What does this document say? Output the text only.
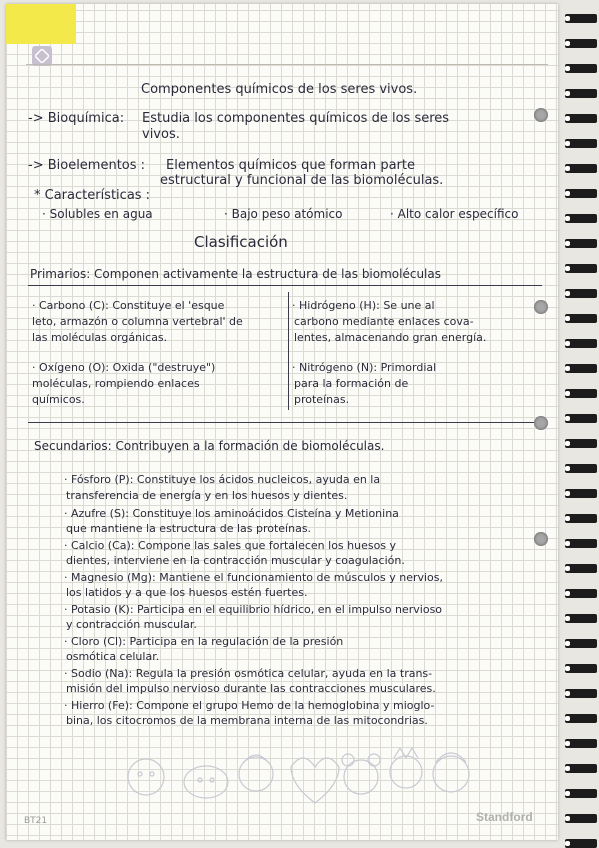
Componentes químicos de los seres vivos.
-> Bioquímica: Estudia los componentes químicos de los seres
vivos.
-> Bioelementos : Elementos químicos que forman parte
estructural y funcional de las biomoléculas.
* Características :
· Solubles en agua	· Bajo peso atómico	· Alto calor específico
Clasificación
Primarios: Componen activamente la estructura de las biomoléculas
· Carbono (C): Constituye el 'esque
leto, armazón o columna vertebral' de
las moléculas orgánicas.
· Hidrógeno (H): Se une al
carbono mediante enlaces cova-
lentes, almacenando gran energía.
· Oxígeno (O): Oxida ("destruye")
moléculas, rompiendo enlaces
químicos.
· Nitrógeno (N): Primordial
para la formación de
proteínas.
Secundarios: Contribuyen a la formación de biomoléculas.
· Fósforo (P): Constituye los ácidos nucleicos, ayuda en la
transferencia de energía y en los huesos y dientes.
· Azufre (S): Constituye los aminoácidos Cisteína y Metionina
que mantiene la estructura de las proteínas.
· Calcio (Ca): Compone las sales que fortalecen los huesos y
dientes, interviene en la contracción muscular y coagulación.
· Magnesio (Mg): Mantiene el funcionamiento de músculos y nervios,
los latidos y a que los huesos estén fuertes.
· Potasio (K): Participa en el equilibrio hídrico, en el impulso nervioso
y contracción muscular.
· Cloro (Cl): Participa en la regulación de la presión
osmótica celular.
· Sodio (Na): Regula la presión osmótica celular, ayuda en la trans-
misión del impulso nervioso durante las contracciones musculares.
· Hierro (Fe): Compone el grupo Hemo de la hemoglobina y mioglo-
bina, los citocromos de la membrana interna de las mitocondrias.
BT21	Standford
